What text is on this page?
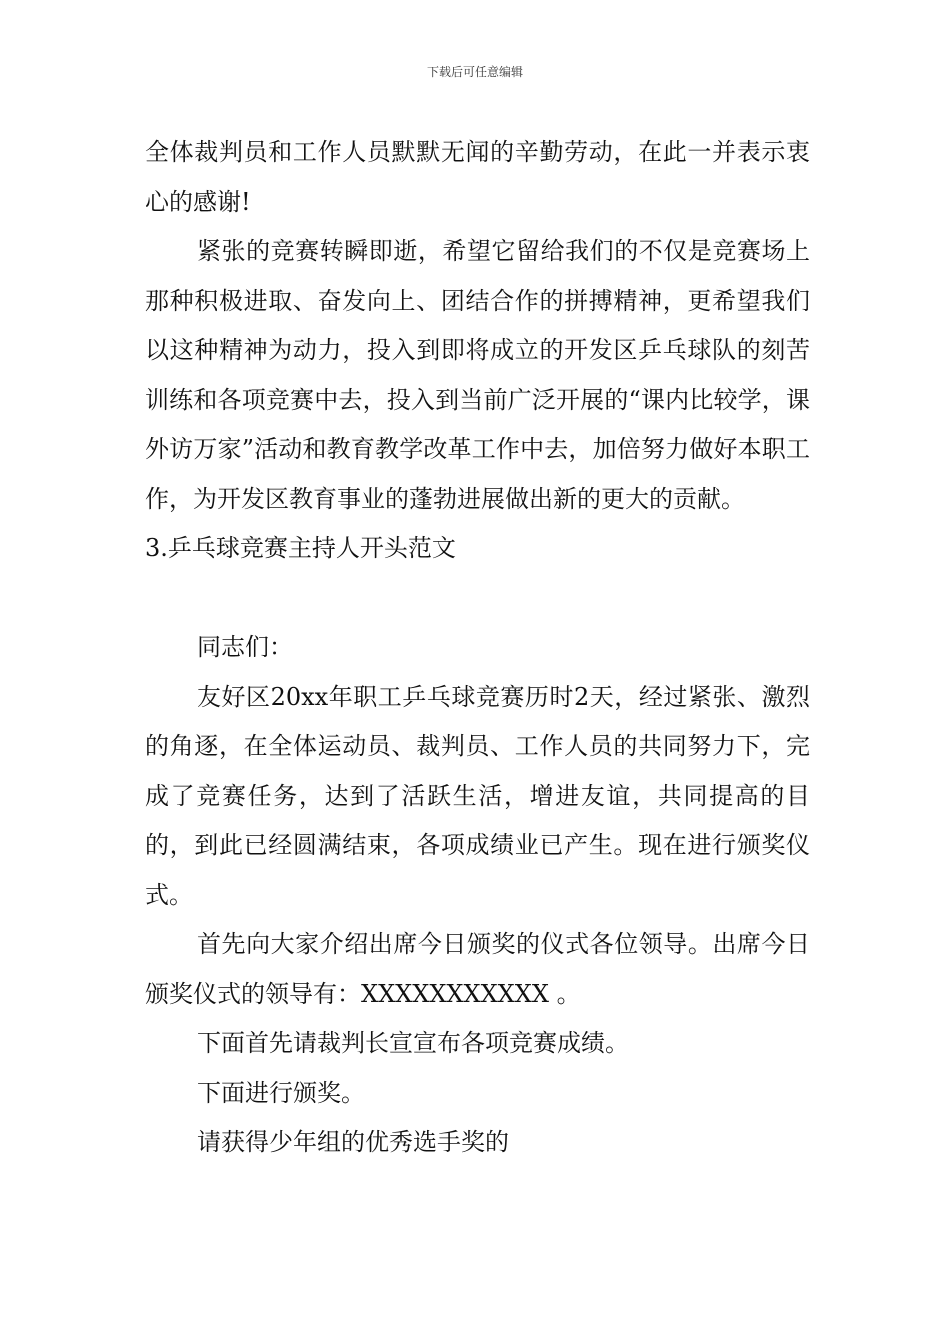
下载后可任意编辑

全体裁判员和工作人员默默无闻的辛勤劳动，在此一并表示衷心的感谢!

紧张的竞赛转瞬即逝，希望它留给我们的不仅是竞赛场上那种积极进取、奋发向上、团结合作的拼搏精神，更希望我们以这种精神为动力，投入到即将成立的开发区乒乓球队的刻苦训练和各项竞赛中去，投入到当前广泛开展的“课内比较学，课外访万家”活动和教育教学改革工作中去，加倍努力做好本职工作，为开发区教育事业的蓬勃进展做出新的更大的贡献。

3.乒乓球竞赛主持人开头范文

同志们：

友好区20xx年职工乒乓球竞赛历时2天，经过紧张、激烈的角逐，在全体运动员、裁判员、工作人员的共同努力下，完成了竞赛任务，达到了活跃生活，增进友谊，共同提高的目的，到此已经圆满结束，各项成绩业已产生。现在进行颁奖仪式。

首先向大家介绍出席今日颁奖的仪式各位领导。出席今日颁奖仪式的领导有：XXXXXXXXXXX 。

下面首先请裁判长宣宣布各项竞赛成绩。

下面进行颁奖。

请获得少年组的优秀选手奖的
